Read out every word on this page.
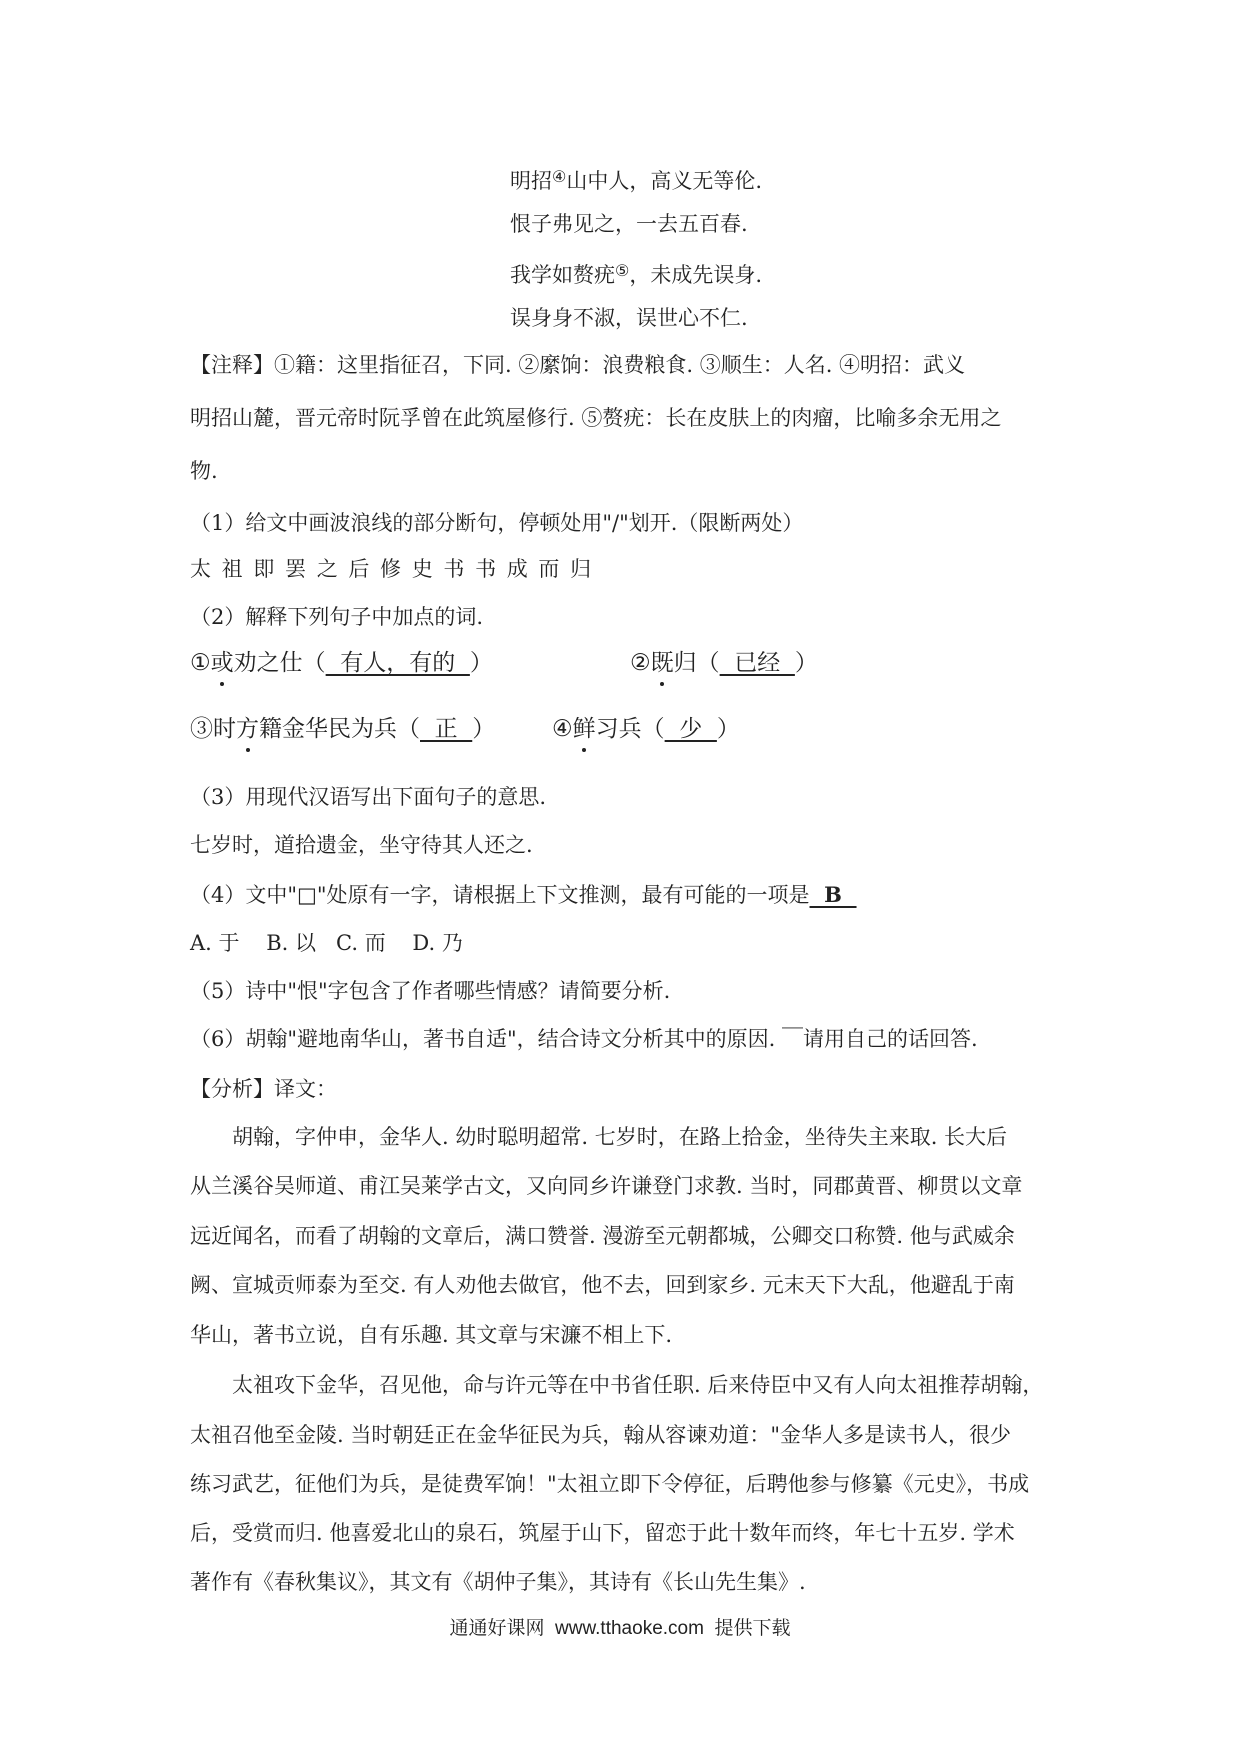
明招④山中人，高义无等伦.
恨子弗见之，一去五百春.
我学如赘疣⑤，未成先误身.
误身身不淑，误世心不仁.
【注释】①籍：这里指征召，下同. ②縻饷：浪费粮食. ③顺生：人名. ④明招：武义
明招山麓，晋元帝时阮孚曾在此筑屋修行. ⑤赘疣：长在皮肤上的肉瘤，比喻多余无用之
物.
（1）给文中画波浪线的部分断句，停顿处用"/"划开.（限断两处）
太 祖 即 罢 之 后 修 史 书 书 成 而 归
（2）解释下列句子中加点的词.
①或劝之仕（  有人，有的  ）	②既归（  已经  ）
③时方籍金华民为兵（  正  ） ④鲜习兵（  少  ）
（3）用现代汉语写出下面句子的意思.
七岁时，道拾遗金，坐守待其人还之.
（4）文中"□"处原有一字，请根据上下文推测，最有可能的一项是  B
A. 于    B. 以   C. 而    D. 乃
（5）诗中"恨"字包含了作者哪些情感？请简要分析.
（6）胡翰"避地南华山，著书自适"，结合诗文分析其中的原因. ￣请用自己的话回答.
【分析】译文：
胡翰，字仲申，金华人. 幼时聪明超常. 七岁时，在路上拾金，坐待失主来取. 长大后
从兰溪谷吴师道、甫江吴莱学古文，又向同乡许谦登门求教. 当时，同郡黄晋、柳贯以文章
远近闻名，而看了胡翰的文章后，满口赞誉. 漫游至元朝都城，公卿交口称赞. 他与武威余
阙、宣城贡师泰为至交. 有人劝他去做官，他不去，回到家乡. 元末天下大乱，他避乱于南
华山，著书立说，自有乐趣. 其文章与宋濂不相上下.
太祖攻下金华，召见他，命与许元等在中书省任职. 后来侍臣中又有人向太祖推荐胡翰，
太祖召他至金陵. 当时朝廷正在金华征民为兵，翰从容谏劝道："金华人多是读书人，很少
练习武艺，征他们为兵，是徒费军饷！"太祖立即下令停征，后聘他参与修纂《元史》，书成
后，受赏而归. 他喜爱北山的泉石，筑屋于山下，留恋于此十数年而终，年七十五岁. 学术
著作有《春秋集议》，其文有《胡仲子集》，其诗有《长山先生集》.
通通好课网  www.tthaoke.com  提供下载
